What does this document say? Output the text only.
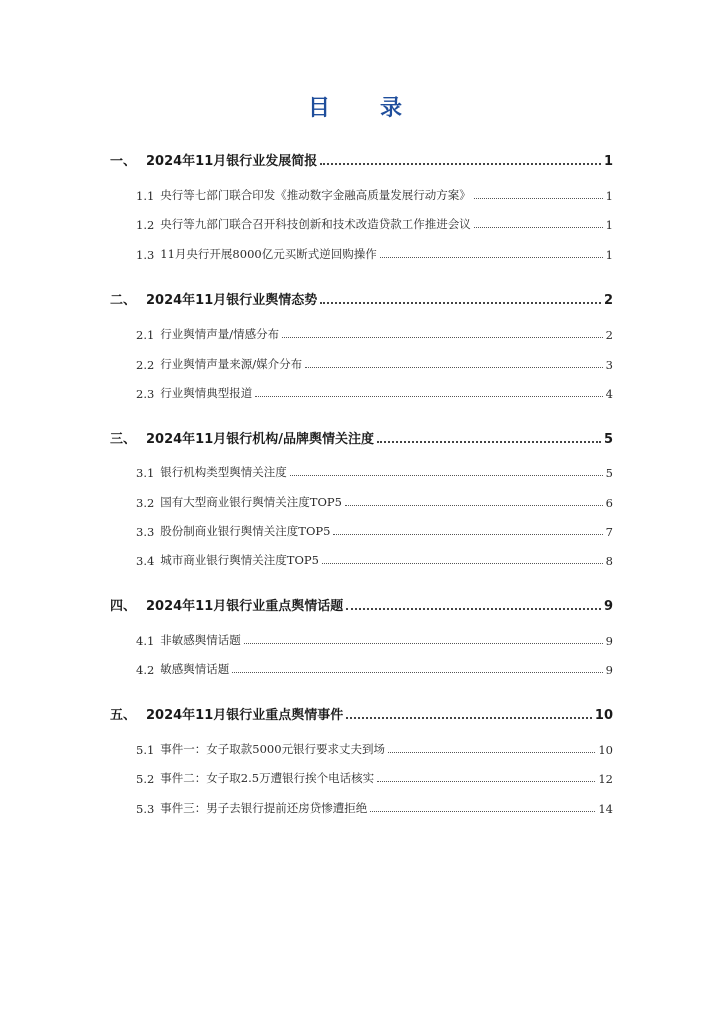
目　录
一、 2024年11月银行业发展简报	1
1.1 央行等七部门联合印发《推动数字金融高质量发展行动方案》	1
1.2 央行等九部门联合召开科技创新和技术改造贷款工作推进会议	1
1.3 11月央行开展8000亿元买断式逆回购操作	1
二、 2024年11月银行业舆情态势	2
2.1 行业舆情声量/情感分布	2
2.2 行业舆情声量来源/媒介分布	3
2.3 行业舆情典型报道	4
三、 2024年11月银行机构/品牌舆情关注度	5
3.1 银行机构类型舆情关注度	5
3.2 国有大型商业银行舆情关注度TOP5	6
3.3 股份制商业银行舆情关注度TOP5	7
3.4 城市商业银行舆情关注度TOP5	8
四、 2024年11月银行业重点舆情话题	9
4.1 非敏感舆情话题	9
4.2 敏感舆情话题	9
五、 2024年11月银行业重点舆情事件	10
5.1 事件一：女子取款5000元银行要求丈夫到场	10
5.2 事件二：女子取2.5万遭银行挨个电话核实	12
5.3 事件三：男子去银行提前还房贷惨遭拒绝	14
